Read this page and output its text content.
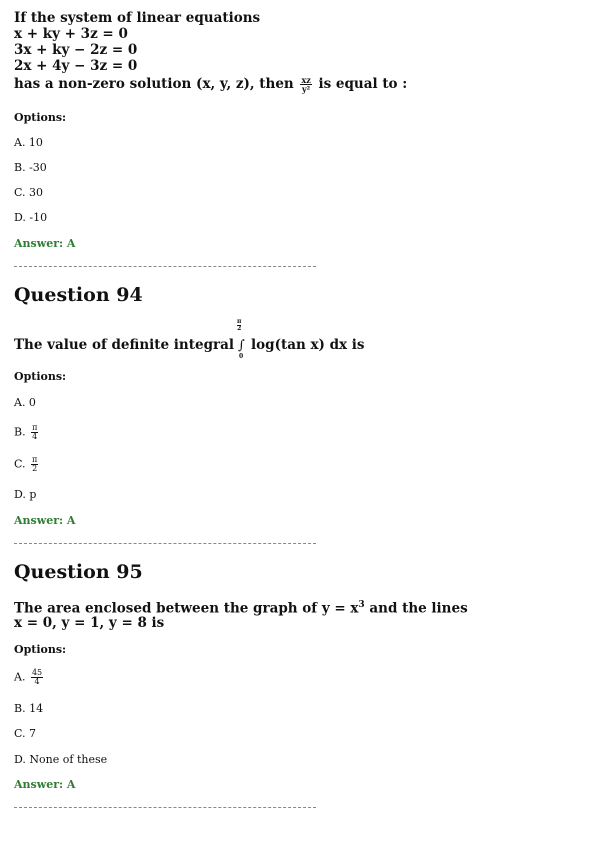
If the system of linear equations
x + ky + 3z = 0
3x + ky − 2z = 0
2x + 4y − 3z = 0
has a non-zero solution (x, y, z), then $\frac{xz}{\text{y²}}$ is equal to :
Options:
A. 10
B. -30
C. 30
D. -10
Answer: A
Question 94
The value of definite integral
$\frac{\pi}{2}$
∫
0
log(tan x) dx is
Options:
A. 0
B. $\frac{\pi}{4}$
C. $\frac{\pi}{2}$
D. p
Answer: A
Question 95
The area enclosed between the graph of $y = x^3$ and the lines
x = 0, y = 1, y = 8 is
Options:
A. $\frac{45}{4}$
B. 14
C. 7
D. None of these
Answer: A
